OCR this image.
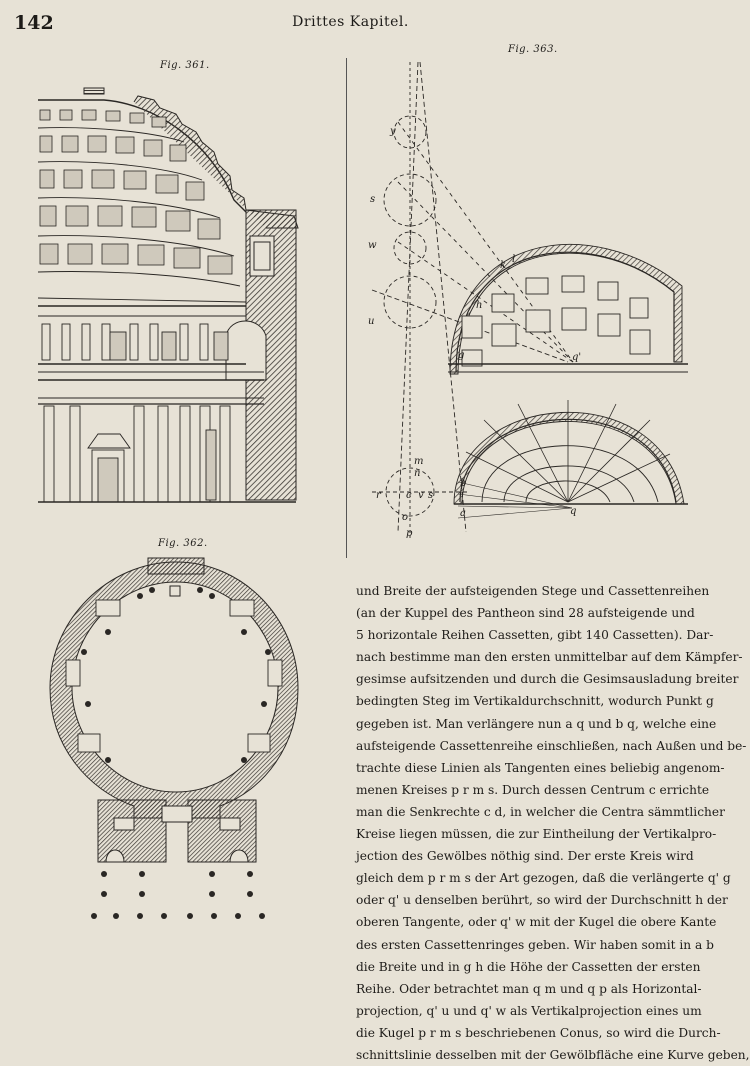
142	Drittes Kapitel.
Fig. 361.
Fig. 363.
Fig. 362.
y
s
w
u
k
l
h
g	q'
m
n
r	c v s
o
p
b
a	q
und Breite der aufsteigenden Stege und Cassettenreihen
(an der Kuppel des Pantheon sind 28 aufsteigende und
5 horizontale Reihen Cassetten, gibt 140 Cassetten). Dar-
nach bestimme man den ersten unmittelbar auf dem Kämpfer-
gesimse aufsitzenden und durch die Gesimsausladung breiter
bedingten Steg im Vertikaldurchschnitt, wodurch Punkt g
gegeben ist. Man verlängere nun a q und b q, welche eine
aufsteigende Cassettenreihe einschließen, nach Außen und be-
trachte diese Linien als Tangenten eines beliebig angenom-
menen Kreises p r m s. Durch dessen Centrum c errichte
man die Senkrechte c d, in welcher die Centra sämmtlicher
Kreise liegen müssen, die zur Eintheilung der Vertikalpro-
jection des Gewölbes nöthig sind. Der erste Kreis wird
gleich dem p r m s der Art gezogen, daß die verlängerte q' g
oder q' u denselben berührt, so wird der Durchschnitt h der
oberen Tangente, oder q' w mit der Kugel die obere Kante
des ersten Cassettenringes geben. Wir haben somit in a b
die Breite und in g h die Höhe der Cassetten der ersten
Reihe. Oder betrachtet man q m und q p als Horizontal-
projection, q' u und q' w als Vertikalprojection eines um
die Kugel p r m s beschriebenen Conus, so wird die Durch-
schnittslinie desselben mit der Gewölbfläche eine Kurve geben,
